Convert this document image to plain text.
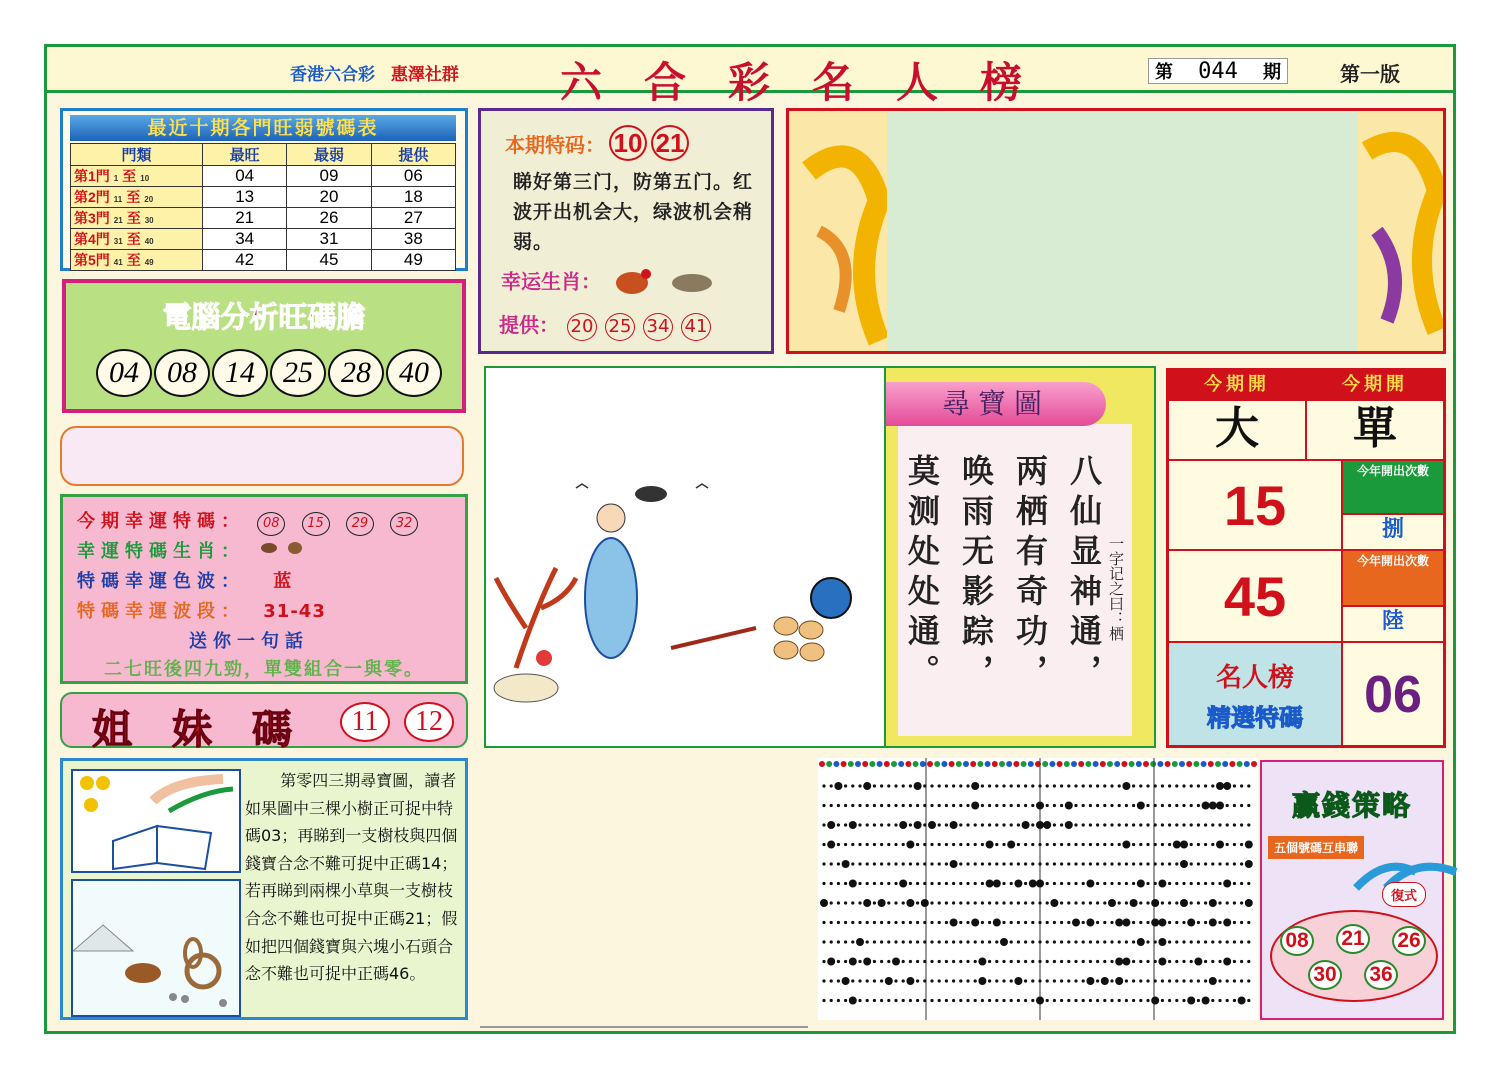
香港六合彩 惠澤社群 六合彩名人榜	第 044 期	第一版
最近十期各門旺弱號碼表
門類	最旺	最弱	提供
第1門 1 至 10	04	09	06
第2門 11 至 20	13	20	18
第3門 21 至 30	21	26	27
第4門 31 至 40	34	31	38
第5門 41 至 49	42	45	49
電腦分析旺碼膽
04 08 14 25 28 40
今期幸運特碼： 08 15 29 32
幸運特碼生肖：
特碼幸運色波： 蓝
特碼幸運波段： 31-43
送你一句話
二七旺後四九勁，單雙組合一與零。
姐妹碼 11	12
第零四三期尋寶圖，讀者如果圖中三棵小樹正可捉中特碼03；再睇到一支樹枝與四個錢寶合念不難可捉中正碼14；若再睇到兩棵小草與一支樹枝合念不難也可捉中正碼21；假如把四個錢寶與六塊小石頭合念不難也可捉中正碼46。
本期特码： 10 21
睇好第三门，防第五门。红波开出机会大，绿波机会稍弱。
幸运生肖：
提供： 20 25 34 41
尋寶圖
八仙显神通，
两栖有奇功，
唤雨无影踪，
莫测处处通。	一字记之曰：栖
今期開	今期開
大	單
15
今年開出次數
捌
45
今年開出次數
陸
名人榜
精選特碼	06
贏錢策略
五個號碼互串聯
復式
08 21 26
30 36
